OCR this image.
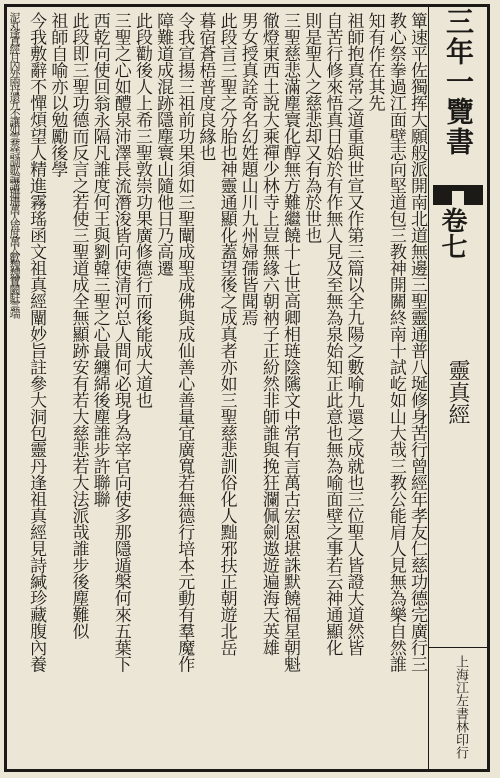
簞速平佐獨挥大願般派開南北道無邊三聖靈通普八埏修身苦行曾經年孝友仁慈功德完廣行三
教心祭拳過江面壁志向堅道包三教神開關終南十試屹如山大哉三教公能肩人見無為樂自然誰
知有作在其先
祖師抱真常之道重與世宣又作第三篇以全九陽之數喻九還之成就也三位聖人皆證大道然皆
自苦行修來悟真日始於有作無人見及至無為泉始知正此意也無為喻面壁之事若云神通顯化
則是聖人之慈悲却又有為於世也
三聖慈悲滿塵寰化醇無方難繼饒十七世高卿相琏陰隲文中常有言萬古宏恩堪誅默饒福星朝魁
徹燈東西土說大乘禪少林寺上豈無緣六朝衲子正紛然非師誰與挽狂瀾佩劍遨遊遍海天英雄
男女授真詮奇名幻姓題山川九州婦孺皆聞焉
此段言三聖之分胎也神靈通顯化蓋望後之成真者亦如三聖慈悲訓俗化人黜邪扶正朝遊北岳
暮宿蒼梧普度良緣也
令我宣揚三祖前功果須如三聖闡成聖成佛與成仙善心善量宜廣寬若無德行培本元動有羣魔作
障難道成混跡隱塵寰山隨他日乃高遷
此段勸後人上希三聖敦崇功果廣修德行而後能成大道也
三聖之心如醴泉沛澤長流潛浚皆向使清河总人間何必現身為宰官向使多那隱遁槃何來五葉下
西乾向使回翁永隔凡誰度何王與劉韓三聖之心最纏綿後塵誰步許聯聯
此段即三聖功德而反言之若使三聖道成全無顯跡安有若大慈悲若大法派哉誰步後塵難似
祖師自喻亦以勉勵後學
今我敷辭不憚煩望人精進霧瑤函文祖真經闡妙旨註參大洞包靈丹逢祖真經見詩緘珍藏腹內養
泥丸逢真經月內外兩丹還九不讓如雲蒸詩詞歌論講珊珊萬人皆度萬人歡魏魏寶闕駐雲端	三年一覽書
卷七
靈真經
上海江左書林印行
